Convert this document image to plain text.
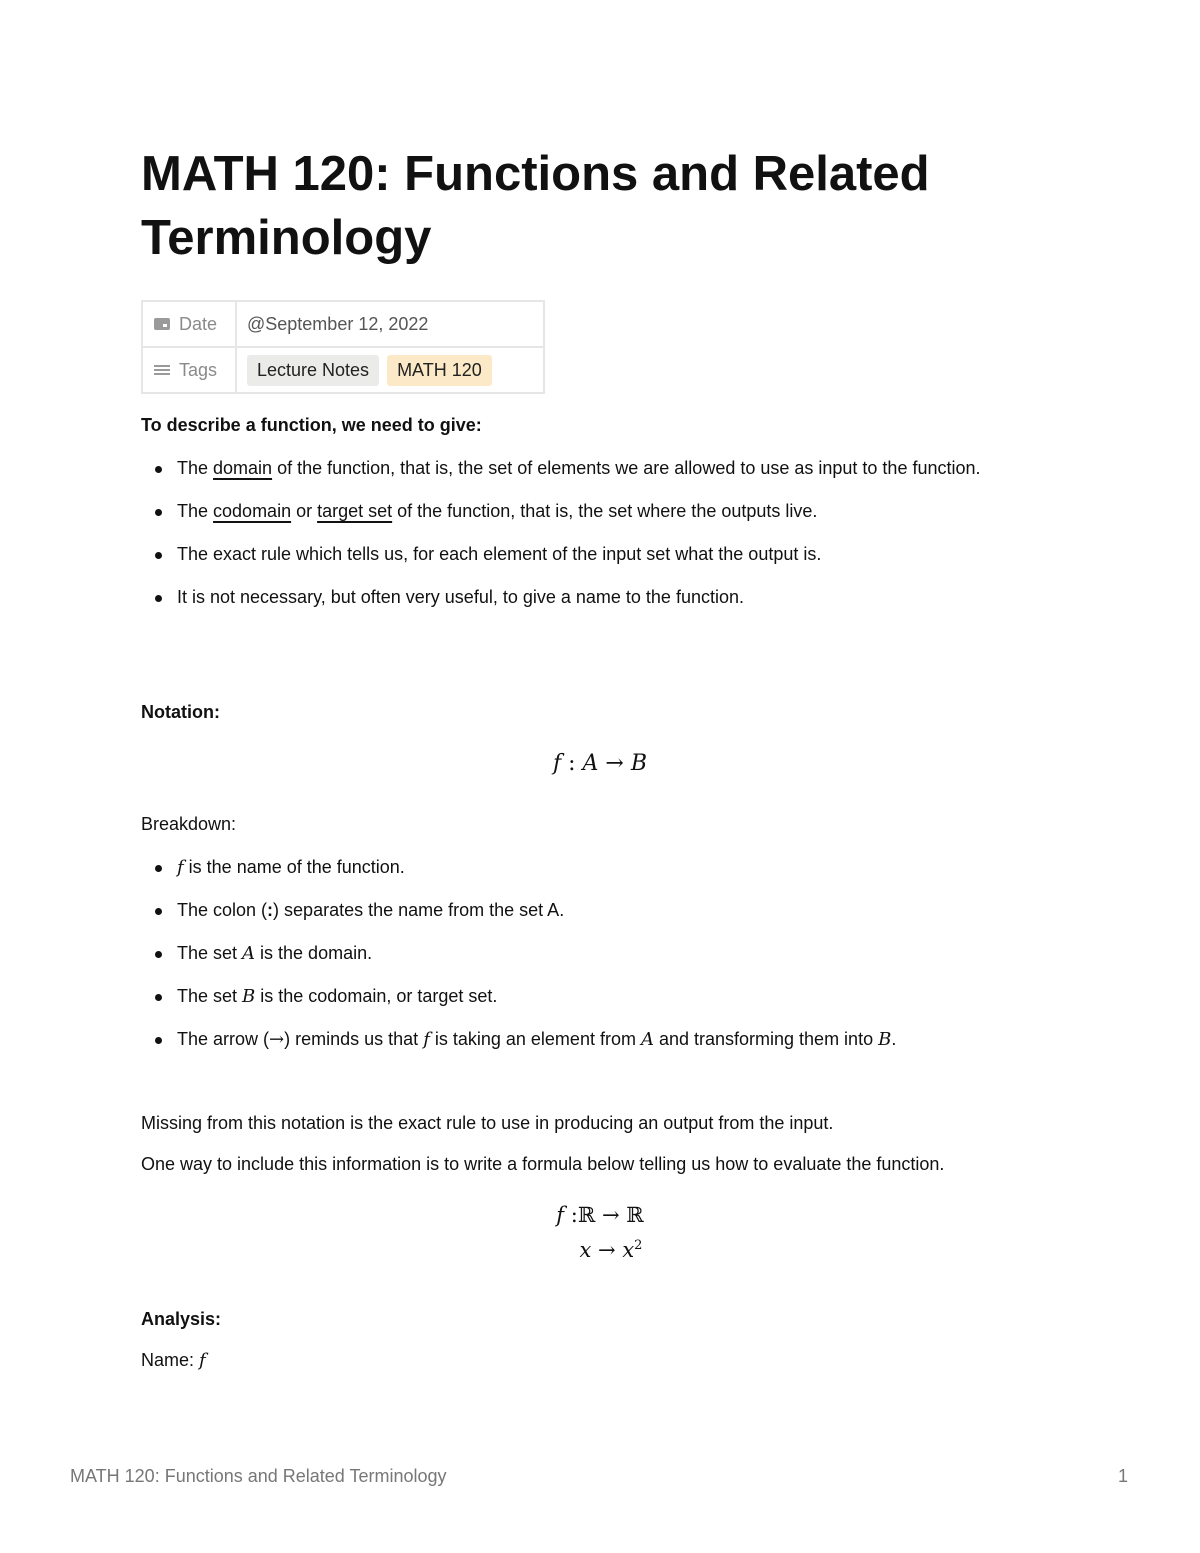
MATH 120: Functions and Related Terminology
Date	@September 12, 2022
Tags	Lecture Notes MATH 120
To describe a function, we need to give:
The domain of the function, that is, the set of elements we are allowed to use as input to the function.
The codomain or target set of the function, that is, the set where the outputs live.
The exact rule which tells us, for each element of the input set what the output is.
It is not necessary, but often very useful, to give a name to the function.
Notation:
f : A → B
Breakdown:
f is the name of the function.
The colon (:) separates the name from the set A.
The set A is the domain.
The set B is the codomain, or target set.
The arrow (→) reminds us that f is taking an element from A and transforming them into B.
Missing from this notation is the exact rule to use in producing an output from the input.
One way to include this information is to write a formula below telling us how to evaluate the function.
f :ℝ → ℝ
$x \to x^2$
Analysis:
Name: f
MATH 120: Functions and Related Terminology	1
